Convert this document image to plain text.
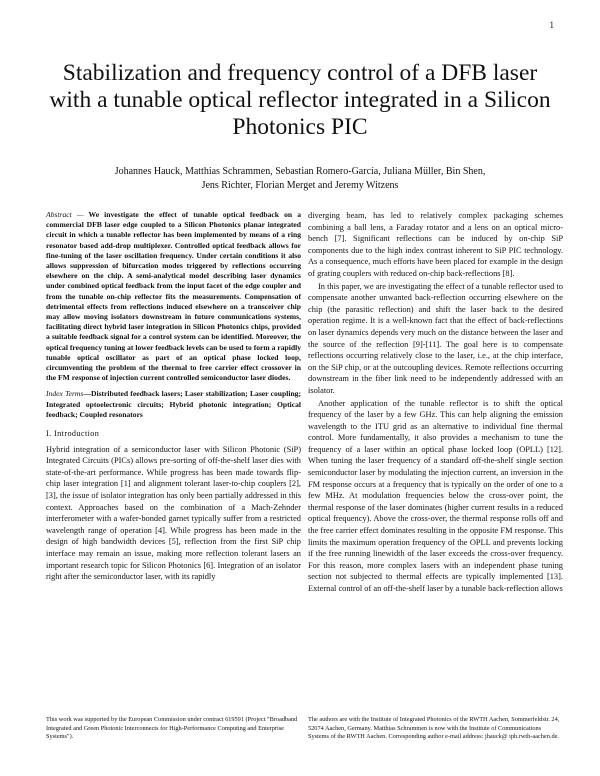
1
Stabilization and frequency control of a DFB laser with a tunable optical reflector integrated in a Silicon Photonics PIC
Johannes Hauck, Matthias Schrammen, Sebastian Romero-García, Juliana Müller, Bin Shen,
Jens Richter, Florian Merget and Jeremy Witzens

Abstract — We investigate the effect of tunable optical feedback on a commercial DFB laser edge coupled to a Silicon Photonics planar integrated circuit in which a tunable reflector has been implemented by means of a ring resonator based add-drop multiplexer. Controlled optical feedback allows for fine-tuning of the laser oscillation frequency. Under certain conditions it also allows suppression of bifurcation modes triggered by reflections occurring elsewhere on the chip. A semi-analytical model describing laser dynamics under combined optical feedback from the input facet of the edge coupler and from the tunable on-chip reflector fits the measurements. Compensation of detrimental effects from reflections induced elsewhere on a transceiver chip may allow moving isolators downstream in future communications systems, facilitating direct hybrid laser integration in Silicon Photonics chips, provided a suitable feedback signal for a control system can be identified. Moreover, the optical frequency tuning at lower feedback levels can be used to form a rapidly tunable optical oscillator as part of an optical phase locked loop, circumventing the problem of the thermal to free carrier effect crossover in the FM response of injection current controlled semiconductor laser diodes.

Index Terms—Distributed feedback lasers; Laser stabilization; Laser coupling; Integrated optoelectronic circuits; Hybrid photonic integration; Optical feedback; Coupled resonators

I. Introduction

Hybrid integration of a semiconductor laser with Silicon Photonic (SiP) Integrated Circuits (PICs) allows pre-sorting of off-the-shelf laser dies with state-of-the-art performance. While progress has been made towards flip-chip laser integration [1] and alignment tolerant laser-to-chip couplers [2], [3], the issue of isolator integration has only been partially addressed in this context. Approaches based on the combination of a Mach-Zehnder interferometer with a wafer-bonded garnet typically suffer from a restricted wavelength range of operation [4]. While progress has been made in the design of high bandwidth devices [5], reflection from the first SiP chip interface may remain an issue, making more reflection tolerant lasers an important research topic for Silicon Photonics [6]. Integration of an isolator right after the semiconductor laser, with its rapidly

diverging beam, has led to relatively complex packaging schemes combining a ball lens, a Faraday rotator and a lens on an optical micro-bench [7]. Significant reflections can be induced by on-chip SiP components due to the high index contrast inherent to SiP PIC technology. As a consequence, much efforts have been placed for example in the design of grating couplers with reduced on-chip back-reflections [8].

In this paper, we are investigating the effect of a tunable reflector used to compensate another unwanted back-reflection occurring elsewhere on the chip (the parasitic reflection) and shift the laser back to the desired operation regime. It is a well-known fact that the effect of back-reflections on laser dynamics depends very much on the distance between the laser and the source of the reflection [9]-[11]. The goal here is to compensate reflections occurring relatively close to the laser, i.e., at the chip interface, on the SiP chip, or at the outcoupling devices. Remote reflections occurring downstream in the fiber link need to be independently addressed with an isolator.

Another application of the tunable reflector is to shift the optical frequency of the laser by a few GHz. This can help aligning the emission wavelength to the ITU grid as an alternative to individual fine thermal control. More fundamentally, it also provides a mechanism to tune the frequency of a laser within an optical phase locked loop (OPLL) [12]. When tuning the laser frequency of a standard off-the-shelf single section semiconductor laser by modulating the injection current, an inversion in the FM response occurs at a frequency that is typically on the order of one to a few MHz. At modulation frequencies below the cross-over point, the thermal response of the laser dominates (higher current results in a reduced optical frequency). Above the cross-over, the thermal response rolls off and the free carrier effect dominates resulting in the opposite FM response. This limits the maximum operation frequency of the OPLL and prevents locking if the free running linewidth of the laser exceeds the cross-over frequency. For this reason, more complex lasers with an independent phase tuning section not subjected to thermal effects are typically implemented [13]. External control of an off-the-shelf laser by a tunable back-reflection allows

This work was supported by the European Commission under contract 619591 (Project "Broadband Integrated and Green Photonic Interconnects for High-Performance Computing and Enterprise Systems").

The authors are with the Institute of Integrated Photonics of the RWTH Aachen, Sommerfeldstr. 24, 52074 Aachen, Germany. Matthias Schrammen is now with the Institute of Communications Systems of the RWTH Aachen. Corresponding author e-mail address: jhauck@ iph.rwth-aachen.de.
